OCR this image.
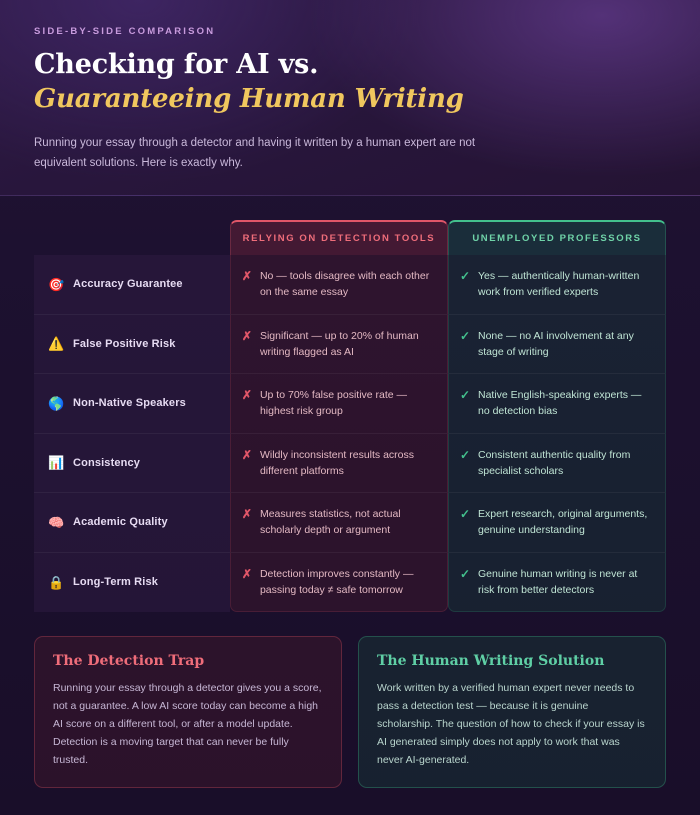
SIDE-BY-SIDE COMPARISON
Checking for AI vs.
Guaranteeing Human Writing
Running your essay through a detector and having it written by a human expert are not equivalent solutions. Here is exactly why.
	RELYING ON DETECTION TOOLS	UNEMPLOYED PROFESSORS

🎯 Accuracy Guarantee	✗ No — tools disagree with each other on the same essay	✓ Yes — authentically human-written work from verified experts

⚠️ False Positive Risk	✗ Significant — up to 20% of human writing flagged as AI	✓ None — no AI involvement at any stage of writing

🌎 Non-Native Speakers	✗ Up to 70% false positive rate — highest risk group	✓ Native English-speaking experts — no detection bias

📊 Consistency	✗ Wildly inconsistent results across different platforms	✓ Consistent authentic quality from specialist scholars

🧠 Academic Quality	✗ Measures statistics, not actual scholarly depth or argument	✓ Expert research, original arguments, genuine understanding

🔒 Long-Term Risk	✗ Detection improves constantly — passing today ≠ safe tomorrow	✓ Genuine human writing is never at risk from better detectors
The Detection Trap

Running your essay through a detector gives you a score, not a guarantee. A low AI score today can become a high AI score on a different tool, or after a model update. Detection is a moving target that can never be fully trusted.

The Human Writing Solution

Work written by a verified human expert never needs to pass a detection test — because it is genuine scholarship. The question of how to check if your essay is AI generated simply does not apply to work that was never AI-generated.
